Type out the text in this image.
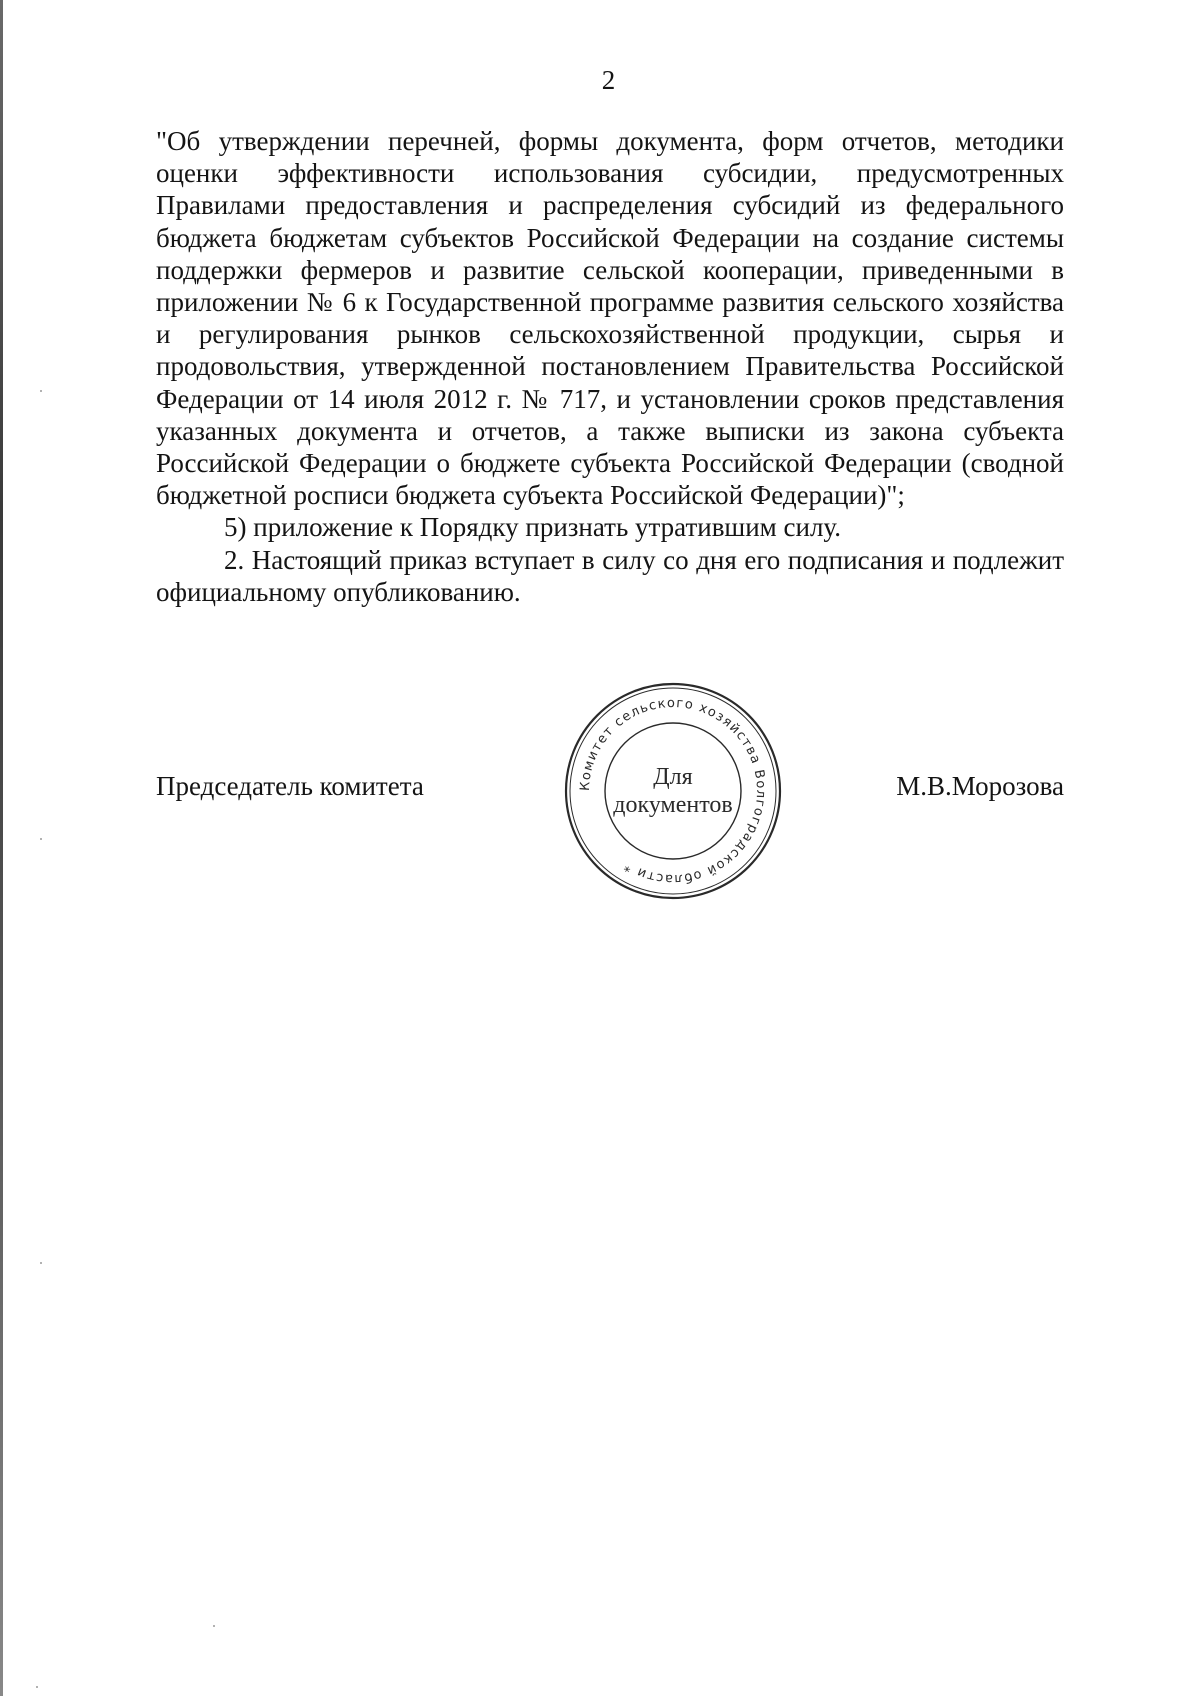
2

"Об утверждении перечней, формы документа, форм отчетов, методики оценки эффективности использования субсидии, предусмотренных Правилами предоставления и распределения субсидий из федерального бюджета бюджетам субъектов Российской Федерации на создание системы поддержки фермеров и развитие сельской кооперации, приведенными в приложении № 6 к Государственной программе развития сельского хозяйства и регулирования рынков сельскохозяйственной продукции, сырья и продовольствия, утвержденной постановлением Правительства Российской Федерации от 14 июля 2012 г. № 717, и установлении сроков представления указанных документа и отчетов, а также выписки из закона субъекта Российской Федерации о бюджете субъекта Российской Федерации (сводной бюджетной росписи бюджета субъекта Российской Федерации)";

5) приложение к Порядку признать утратившим силу.

2. Настоящий приказ вступает в силу со дня его подписания и подлежит официальному опубликованию.

Председатель комитета	Комитет сельского хозяйства Волгоградской области *
Для
документов
М.В.Морозова
